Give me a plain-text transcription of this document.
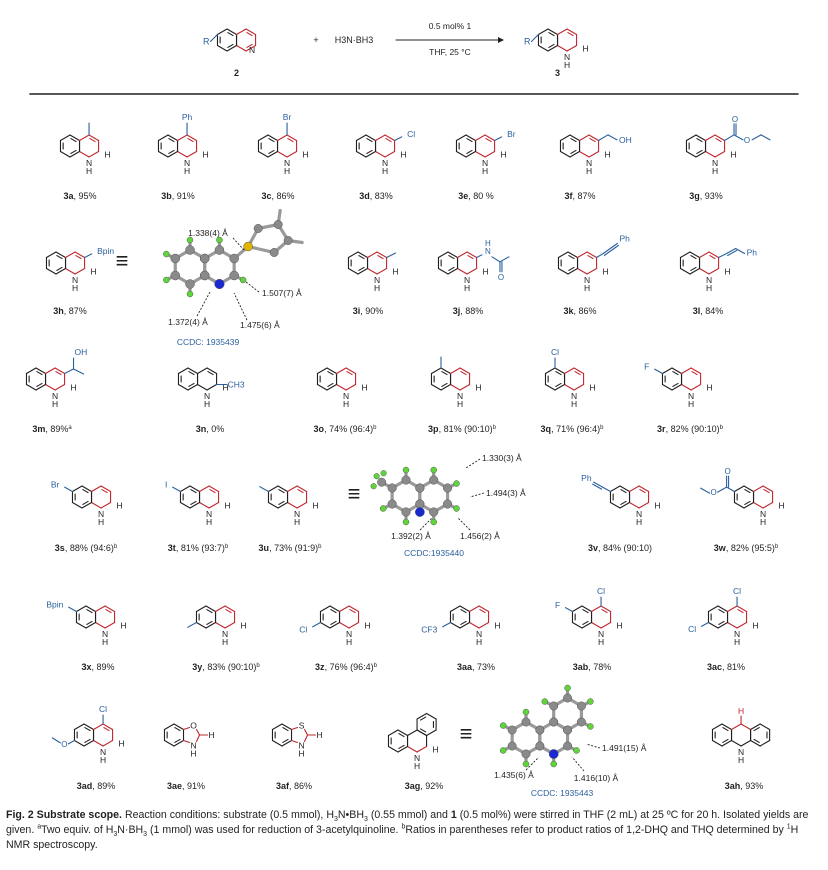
N
R
2
+ H3N·BH3
0.5 mol% 1
THF, 25 °C	N
H
H
R
3
N
H
H
3a, 95%
N
H
H
Ph
3b, 91%
N
H
H
Br
3c, 86%
N
H
H
Cl
3d, 83%
N
H
H
Br
3e, 80 %
N
H
H
OH
3f, 87%
N
H
H
O
O
3g, 93%
N
H
H
Bpin
3h, 87%
≡
N
H
H
3i, 90%
N
H
H
N
H
O
3j, 88%
N
H
H
Ph
3k, 86%
N
H
H
Ph
3l, 84%
N
H
H
OH
3m, 89%$^a$
N
H
H
CH3
3n, 0%
N
H
H
3o, 74% (96:4)$^b$
N
H
H
3p, 81% (90:10)$^b$
N
H
H
Cl
3q, 71% (96:4)$^b$
N
H
H
F
3r, 82% (90:10)$^b$
N
H
H
Br
3s, 88% (94:6)$^b$
N
H
H
I
3t, 81% (93:7)$^b$
N
H
H
3u, 73% (91:9)$^b$
≡
N
H
H
Ph
3v, 84% (90:10)
N
H
H
O
O
3w, 82% (95:5)$^b$
N
H
H
Bpin
3x, 89%
N
H
H
3y, 83% (90:10)$^b$
N
H
H
Cl
3z, 76% (96:4)$^b$
N
H
H
CF3
3aa, 73%
N
H
H
F
Cl
3ab, 78%
N
H
H
Cl
Cl
3ac, 81%
N
H
H
Cl
O
3ad, 89%
O
N
H
H
3ae, 91%
S
N
H
H
3af, 86%
N
H
H
3ag, 92%
≡
H
N
H
3ah, 93%
1.338(4) Å
1.507(7) Å
1.372(4) Å	1.475(6) Å
CCDC: 1935439
1.330(3) Å
1.494(3) Å
1.392(2) Å	1.456(2) Å
CCDC:1935440
1.491(15) Å
1.435(6) Å	1.416(10) Å
CCDC: 1935443
Fig. 2 Substrate scope. Reaction conditions: substrate (0.5 mmol), $H_3N•BH_3$ (0.55 mmol) and 1 (0.5 mol%) were stirred in THF (2 mL) at 25 ºC for 20 h. Isolated yields are given. $^a$Two equiv. of $H_3N\cdot BH_3$ (1 mmol) was used for reduction of 3-acetylquinoline. $^b$Ratios in parentheses refer to product ratios of 1,2-DHQ and THQ determined by $^1$H NMR spectroscopy.
